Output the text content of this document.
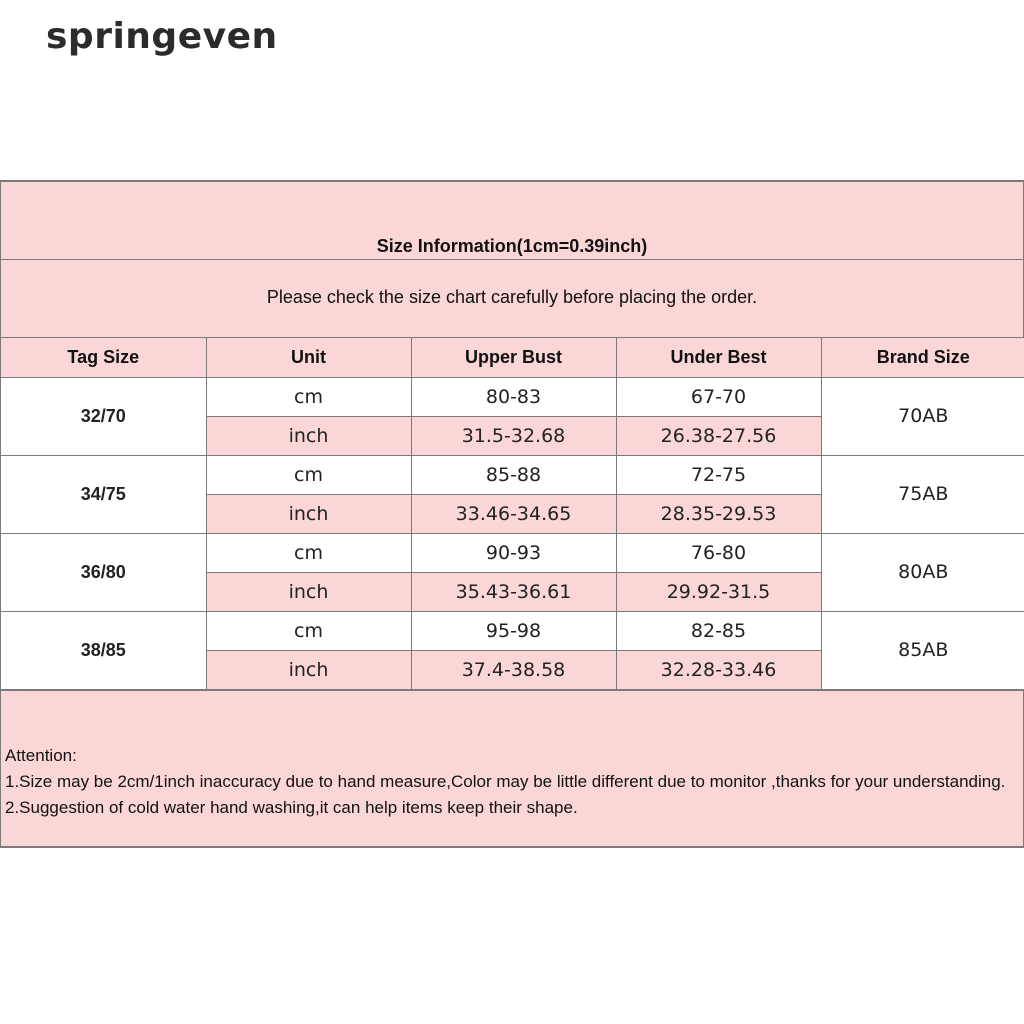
springeven
Size Information(1cm=0.39inch)
Please check the size chart carefully before placing the order.
Tag Size	Unit	Upper Bust	Under Best	Brand Size
32/70	cm	80-83	67-70	70AB
	inch	31.5-32.68	26.38-27.56	
34/75	cm	85-88	72-75	75AB
	inch	33.46-34.65	28.35-29.53	
36/80	cm	90-93	76-80	80AB
	inch	35.43-36.61	29.92-31.5	
38/85	cm	95-98	82-85	85AB
	inch	37.4-38.58	32.28-33.46	
Attention:
1.Size may be 2cm/1inch inaccuracy due to hand measure,Color may be little different due to monitor ,thanks for your understanding.
2.Suggestion of cold water hand washing,it can help items keep their shape.
